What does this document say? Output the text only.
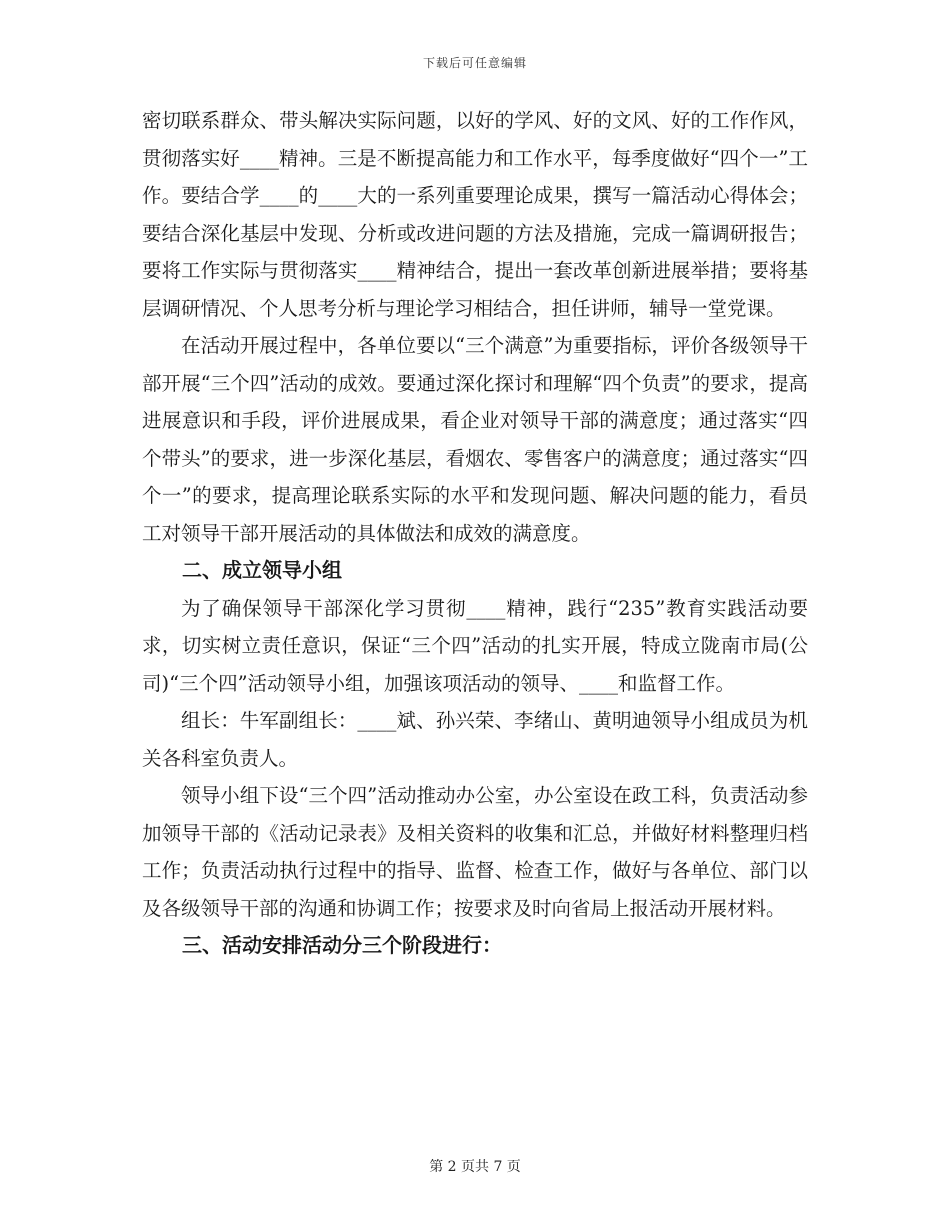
下载后可任意编辑

密切联系群众、带头解决实际问题，以好的学风、好的文风、好的工作作风，贯彻落实好____精神。三是不断提高能力和工作水平，每季度做好“四个一”工作。要结合学____的____大的一系列重要理论成果，撰写一篇活动心得体会；要结合深化基层中发现、分析或改进问题的方法及措施，完成一篇调研报告；要将工作实际与贯彻落实____精神结合，提出一套改革创新进展举措；要将基层调研情况、个人思考分析与理论学习相结合，担任讲师，辅导一堂党课。

在活动开展过程中，各单位要以“三个满意”为重要指标，评价各级领导干部开展“三个四”活动的成效。要通过深化探讨和理解“四个负责”的要求，提高进展意识和手段，评价进展成果，看企业对领导干部的满意度；通过落实“四个带头”的要求，进一步深化基层，看烟农、零售客户的满意度；通过落实“四个一”的要求，提高理论联系实际的水平和发现问题、解决问题的能力，看员工对领导干部开展活动的具体做法和成效的满意度。

二、成立领导小组

为了确保领导干部深化学习贯彻____精神，践行“235”教育实践活动要求，切实树立责任意识，保证“三个四”活动的扎实开展，特成立陇南市局(公司)“三个四”活动领导小组，加强该项活动的领导、____和监督工作。

组长：牛军副组长：____斌、孙兴荣、李绪山、黄明迪领导小组成员为机关各科室负责人。

领导小组下设“三个四”活动推动办公室，办公室设在政工科，负责活动参加领导干部的《活动记录表》及相关资料的收集和汇总，并做好材料整理归档工作；负责活动执行过程中的指导、监督、检查工作，做好与各单位、部门以及各级领导干部的沟通和协调工作；按要求及时向省局上报活动开展材料。

三、活动安排活动分三个阶段进行：

第 2 页共 7 页
